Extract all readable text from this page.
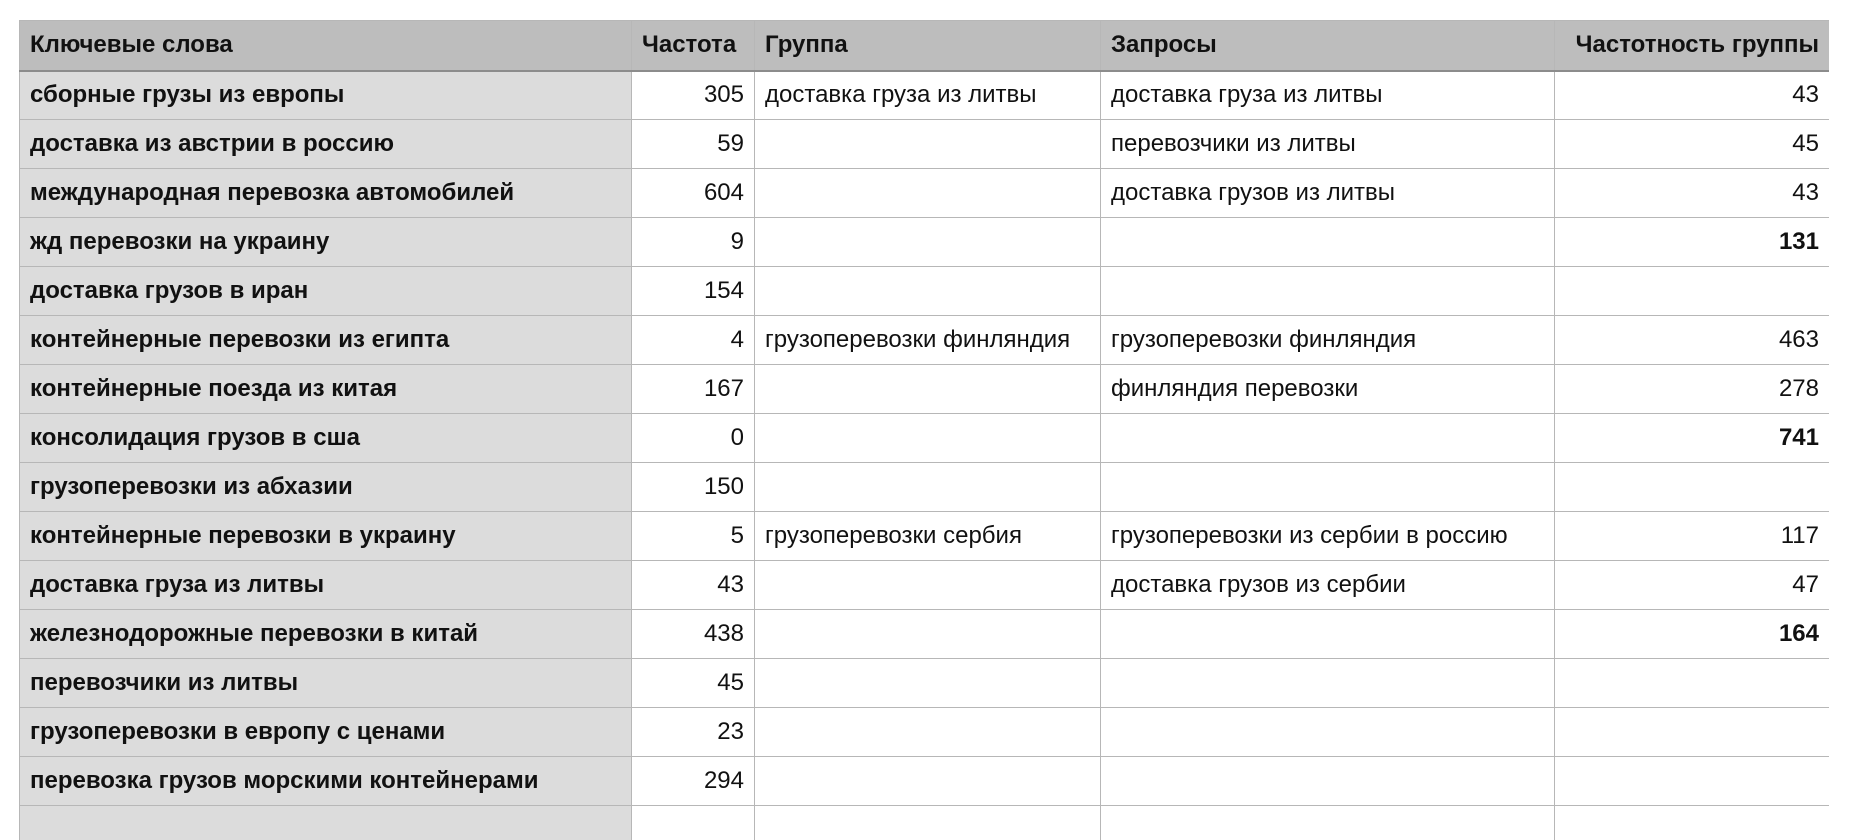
Ключевые слова	Частота	Группа	Запросы	Частотность группы
сборные грузы из европы	305	доставка груза из литвы	доставка груза из литвы	43
доставка из австрии в россию	59		перевозчики из литвы	45
международная перевозка автомобилей	604		доставка грузов из литвы	43
жд перевозки на украину	9			131
доставка грузов в иран	154			
контейнерные перевозки из египта	4	грузоперевозки финляндия	грузоперевозки финляндия	463
контейнерные поезда из китая	167		финляндия перевозки	278
консолидация грузов в сша	0			741
грузоперевозки из абхазии	150			
контейнерные перевозки в украину	5	грузоперевозки сербия	грузоперевозки из сербии в россию	117
доставка груза из литвы	43		доставка грузов из сербии	47
железнодорожные перевозки в китай	438			164
перевозчики из литвы	45			
грузоперевозки в европу с ценами	23			
перевозка грузов морскими контейнерами	294			
